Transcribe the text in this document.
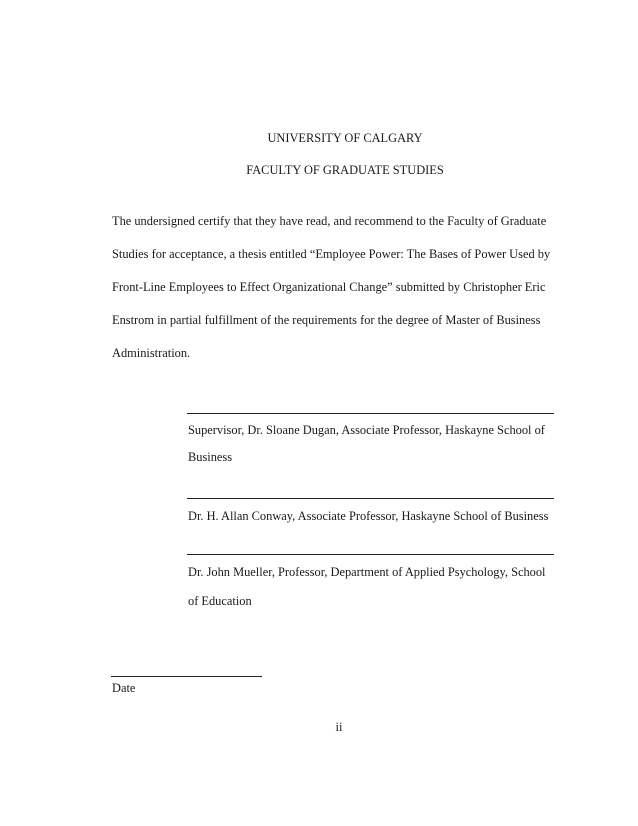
UNIVERSITY OF CALGARY
FACULTY OF GRADUATE STUDIES
The undersigned certify that they have read, and recommend to the Faculty of Graduate
Studies for acceptance, a thesis entitled “Employee Power: The Bases of Power Used by
Front-Line Employees to Effect Organizational Change” submitted by Christopher Eric
Enstrom in partial fulfillment of the requirements for the degree of Master of Business
Administration.
Supervisor, Dr. Sloane Dugan, Associate Professor, Haskayne School of
Business
Dr. H. Allan Conway, Associate Professor, Haskayne School of Business
Dr. John Mueller, Professor, Department of Applied Psychology, School
of Education
Date
ii
